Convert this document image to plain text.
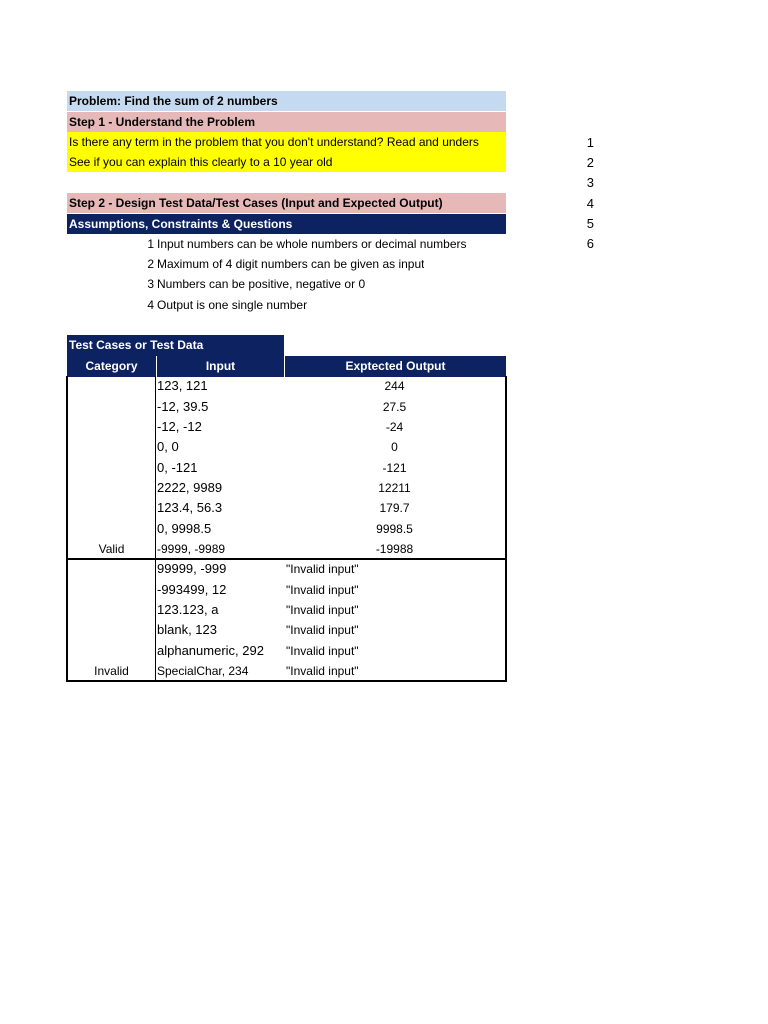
Problem: Find the sum of 2 numbers
Step 1 - Understand the Problem
Is there any term in the problem that you don't understand? Read and unders
See if you can explain this clearly to a 10 year old
Step 2 - Design Test Data/Test Cases (Input and Expected Output)
Assumptions, Constraints & Questions
1
2
3
4
5
6
1 Input numbers can be whole numbers or decimal numbers
2 Maximum of 4 digit numbers can be given as input
3 Numbers can be positive, negative or 0
4 Output is one single number
Test Cases or Test Data
Category	Input	Exptected Output
Valid
Invalid
123, 121	244
-12, 39.5	27.5
-12, -12	-24
0, 0	0
0, -121	-121
2222, 9989	12211
123.4, 56.3	179.7
0, 9998.5	9998.5
-9999, -9989	-19988
99999, -999	"Invalid input"
-993499, 12	"Invalid input"
123.123, a	"Invalid input"
blank, 123	"Invalid input"
alphanumeric, 292	"Invalid input"
SpecialChar, 234	"Invalid input"
